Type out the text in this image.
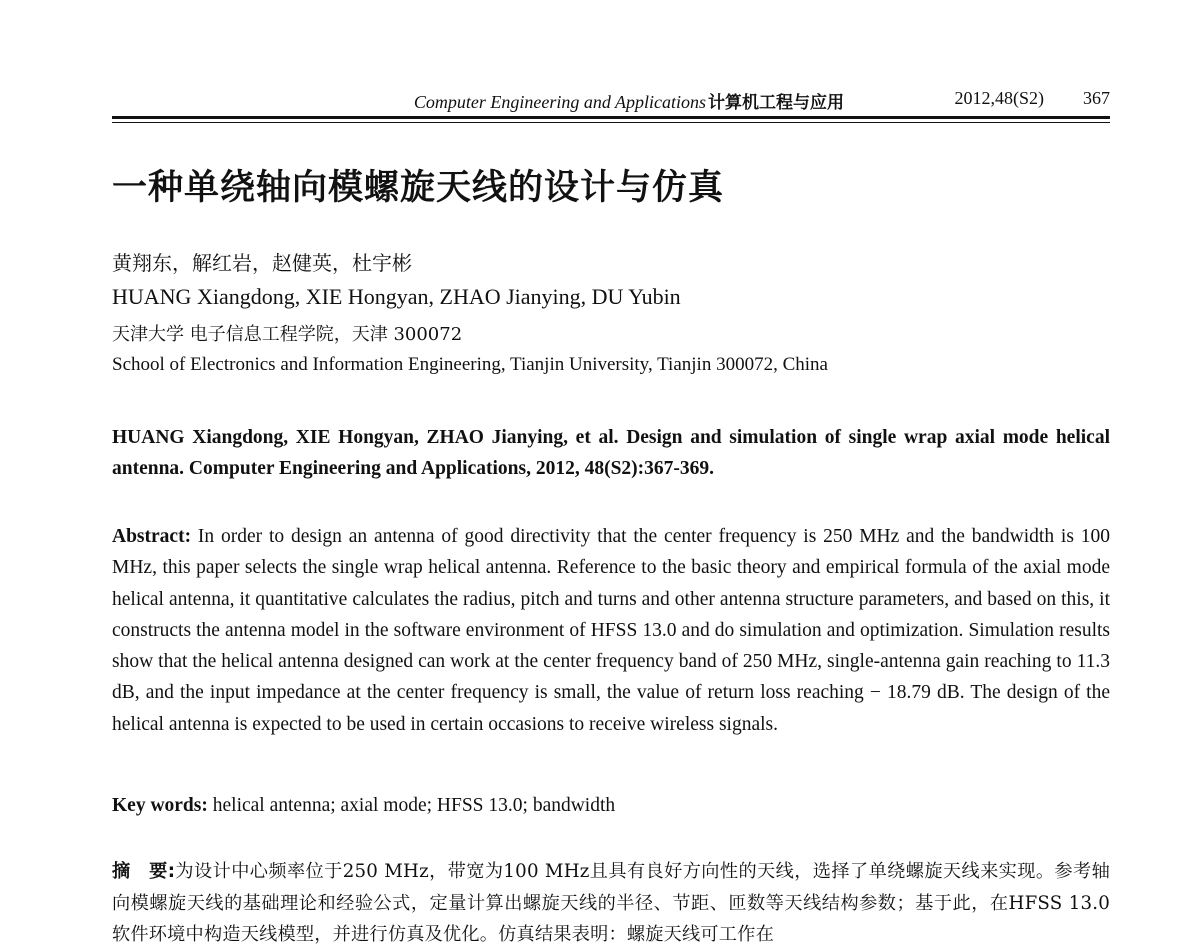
Computer Engineering and Applications 计算机工程与应用	2012,48(S2) 367
一种单绕轴向模螺旋天线的设计与仿真
黄翔东，解红岩，赵健英，杜宇彬
HUANG Xiangdong, XIE Hongyan, ZHAO Jianying, DU Yubin
天津大学 电子信息工程学院，天津 300072
School of Electronics and Information Engineering, Tianjin University, Tianjin 300072, China
HUANG Xiangdong, XIE Hongyan, ZHAO Jianying, et al. Design and simulation of single wrap axial mode helical antenna. Computer Engineering and Applications, 2012, 48(S2):367-369.
Abstract: In order to design an antenna of good directivity that the center frequency is 250 MHz and the bandwidth is 100 MHz, this paper selects the single wrap helical antenna. Reference to the basic theory and empirical formula of the axial mode helical antenna, it quantitative calculates the radius, pitch and turns and other antenna structure parameters, and based on this, it constructs the antenna model in the software environment of HFSS 13.0 and do simulation and optimization. Simulation results show that the helical antenna designed can work at the center frequency band of 250 MHz, single-antenna gain reaching to 11.3 dB, and the input impedance at the center frequency is small, the value of return loss reaching − 18.79 dB. The design of the helical antenna is expected to be used in certain occasions to receive wireless signals.
Key words: helical antenna; axial mode; HFSS 13.0; bandwidth
摘　要:为设计中心频率位于250 MHz，带宽为100 MHz且具有良好方向性的天线，选择了单绕螺旋天线来实现。参考轴向模螺旋天线的基础理论和经验公式，定量计算出螺旋天线的半径、节距、匝数等天线结构参数；基于此，在HFSS 13.0软件环境中构造天线模型，并进行仿真及优化。仿真结果表明：螺旋天线可工作在
